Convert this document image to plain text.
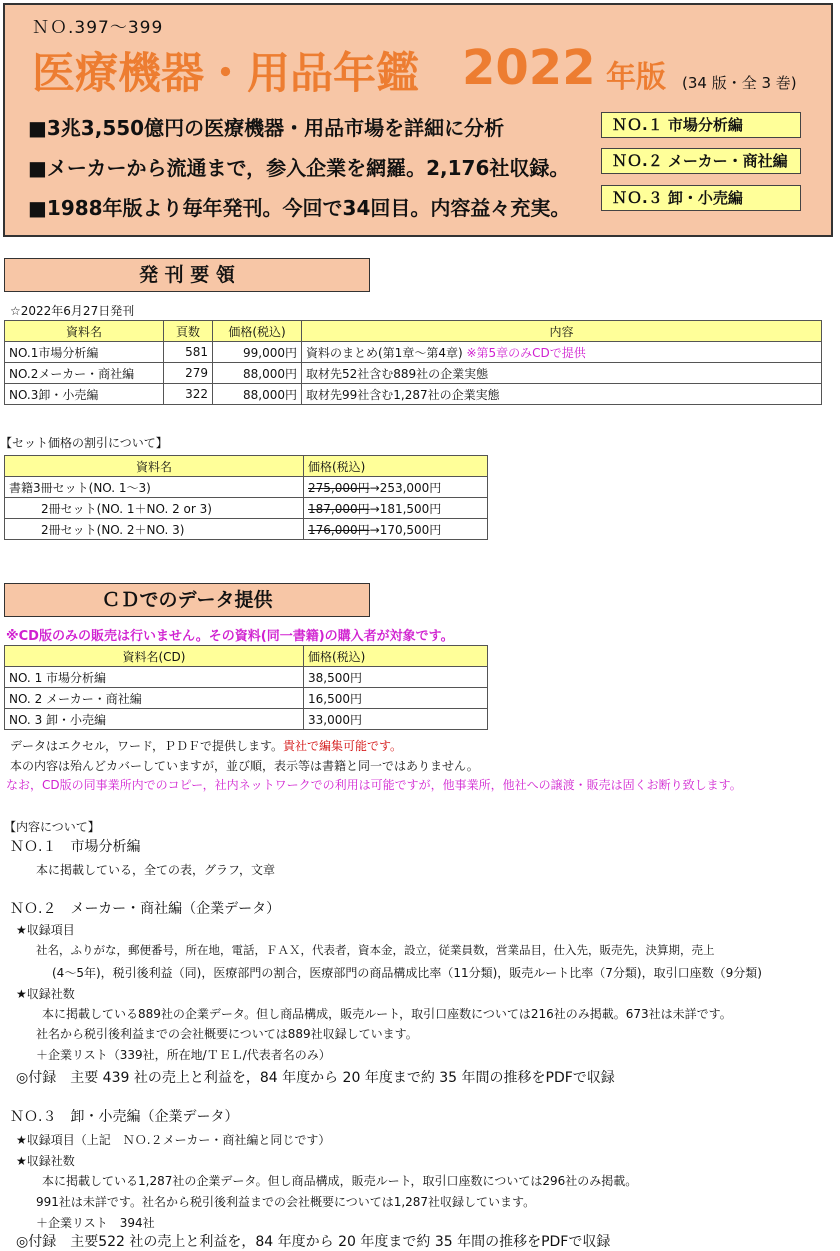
ＮＯ.397～399
医療機器・用品年鑑 2022 年版 (34 版・全 3 巻)
■3兆3,550億円の医療機器・用品市場を詳細に分析
■メーカーから流通まで，参入企業を網羅。2,176社収録。
■1988年版より毎年発刊。今回で34回目。内容益々充実。
ＮＯ.１ 市場分析編
ＮＯ.２ メーカー・商社編
ＮＯ.３ 卸・小売編
発 刊 要 領
☆2022年6月27日発刊
資料名	頁数	価格(税込)	内容
NO.1市場分析編	581	99,000円	資料のまとめ(第1章～第4章) ※第5章のみCDで提供
NO.2メーカー・商社編	279	88,000円	取材先52社含む889社の企業実態
NO.3卸・小売編	322	88,000円	取材先99社含む1,287社の企業実態
【セット価格の割引について】
資料名	価格(税込)
書籍3冊セット(NO. 1～3)	275,000円→253,000円
2冊セット(NO. 1＋NO. 2 or 3)	187,000円→181,500円
2冊セット(NO. 2＋NO. 3)	176,000円→170,500円
ＣＤでのデータ提供
※CD版のみの販売は行いません。その資料(同一書籍)の購入者が対象です。
資料名(CD)	価格(税込)
NO. 1 市場分析編	38,500円
NO. 2 メーカー・商社編	16,500円
NO. 3 卸・小売編	33,000円
データはエクセル，ワード，ＰＤＦで提供します。貴社で編集可能です。
本の内容は殆んどカバーしていますが，並び順，表示等は書籍と同一ではありません。
なお，CD版の同事業所内でのコピー，社内ネットワークでの利用は可能ですが，他事業所，他社への譲渡・販売は固くお断り致します。
【内容について】
ＮＯ.１　市場分析編
本に掲載している，全ての表，グラフ，文章
ＮＯ.２　メーカー・商社編（企業データ）
★収録項目
社名，ふりがな，郵便番号，所在地，電話，ＦＡＸ，代表者，資本金，設立，従業員数，営業品目，仕入先，販売先，決算期，売上
(4～5年)，税引後利益（同)，医療部門の割合，医療部門の商品構成比率（11分類)，販売ルート比率（7分類)，取引口座数（9分類)
★収録社数
本に掲載している889社の企業データ。但し商品構成，販売ルート，取引口座数については216社のみ掲載。673社は未詳です。
社名から税引後利益までの会社概要については889社収録しています。
＋企業リスト（339社，所在地/ＴＥＬ/代表者名のみ）
◎付録　主要 439 社の売上と利益を，84 年度から 20 年度まで約 35 年間の推移をPDFで収録
ＮＯ.３　卸・小売編（企業データ）
★収録項目（上記　ＮＯ.２メーカー・商社編と同じです）
★収録社数
本に掲載している1,287社の企業データ。但し商品構成，販売ルート，取引口座数については296社のみ掲載。
991社は未詳です。社名から税引後利益までの会社概要については1,287社収録しています。
＋企業リスト　394社
◎付録　主要522 社の売上と利益を，84 年度から 20 年度まで約 35 年間の推移をPDFで収録
